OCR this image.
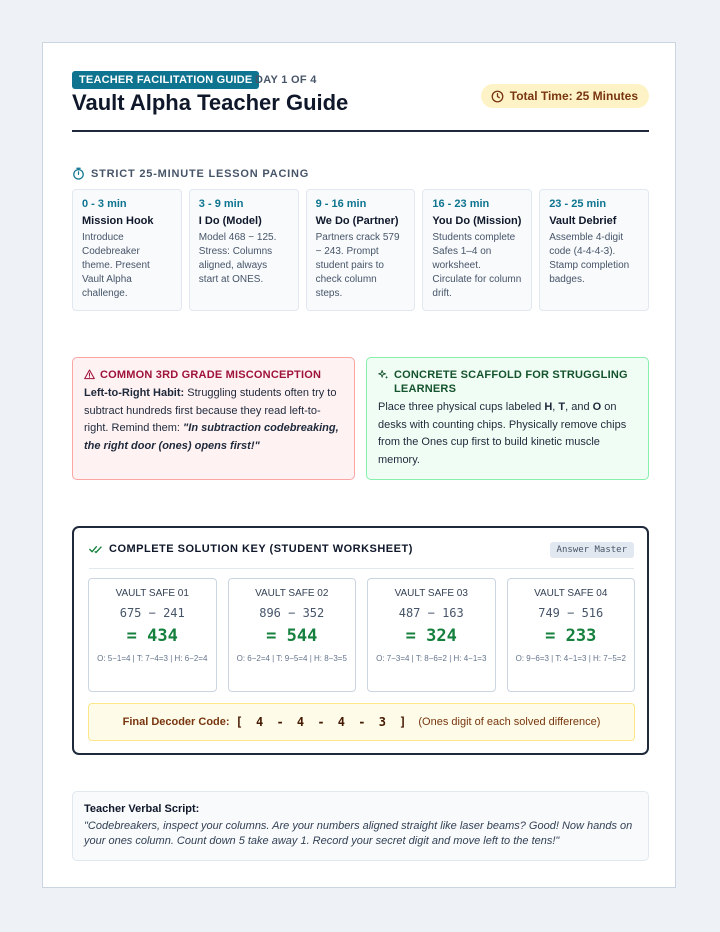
TEACHER FACILITATION GUIDE DAY 1 OF 4
Vault Alpha Teacher Guide	Total Time: 25 Minutes
STRICT 25-MINUTE LESSON PACING
0 - 3 min
Mission Hook
Introduce Codebreaker theme. Present Vault Alpha challenge.
3 - 9 min
I Do (Model)
Model 468 − 125. Stress: Columns aligned, always start at ONES.
9 - 16 min
We Do (Partner)
Partners crack 579 − 243. Prompt student pairs to check column steps.
16 - 23 min
You Do (Mission)
Students complete Safes 1–4 on worksheet. Circulate for column drift.
23 - 25 min
Vault Debrief
Assemble 4-digit code (4-4-4-3). Stamp completion badges.
COMMON 3RD GRADE MISCONCEPTION
Left-to-Right Habit: Struggling students often try to subtract hundreds first because they read left-to-right. Remind them: "In subtraction codebreaking, the right door (ones) opens first!"
CONCRETE SCAFFOLD FOR STRUGGLING LEARNERS
Place three physical cups labeled H, T, and O on desks with counting chips. Physically remove chips from the Ones cup first to build kinetic muscle memory.
COMPLETE SOLUTION KEY (STUDENT WORKSHEET)	Answer Master
VAULT SAFE 01
675 − 241
= 434
O: 5−1=4 | T: 7−4=3 | H: 6−2=4
VAULT SAFE 02
896 − 352
= 544
O: 6−2=4 | T: 9−5=4 | H: 8−3=5
VAULT SAFE 03
487 − 163
= 324
O: 7−3=4 | T: 8−6=2 | H: 4−1=3
VAULT SAFE 04
749 − 516
= 233
O: 9−6=3 | T: 4−1=3 | H: 7−5=2
Final Decoder Code: [ 4 - 4 - 4 - 3 ] (Ones digit of each solved difference)
Teacher Verbal Script:
"Codebreakers, inspect your columns. Are your numbers aligned straight like laser beams? Good! Now hands on your ones column. Count down 5 take away 1. Record your secret digit and move left to the tens!"
